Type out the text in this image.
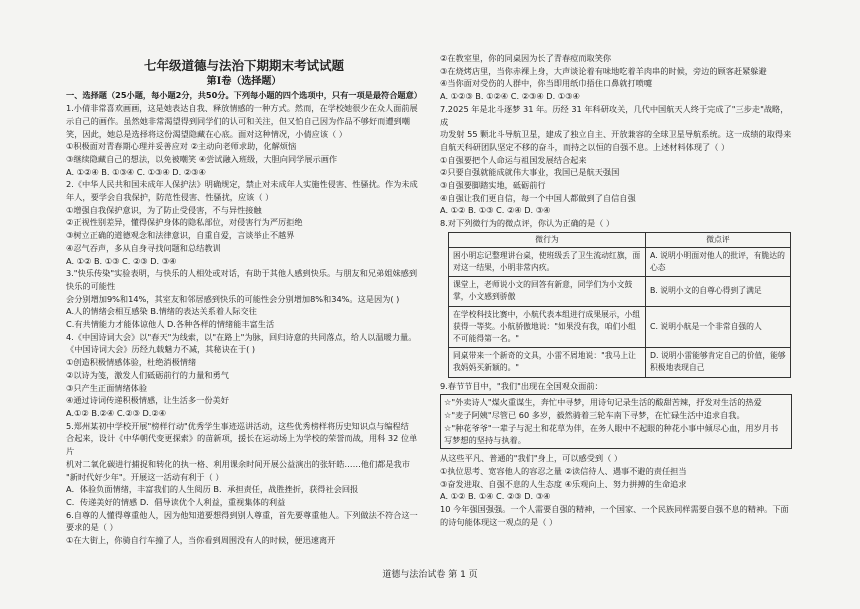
七年级道德与法治下期期末考试试题
第Ⅰ卷（选择题）
一、选择题（25小题，每小题2分，共50分。下列每小题的四个选项中，只有一项是最符合题意）
1.小倩非常喜欢画画，这是她表达自我、释放情感的一种方式。然而，在学校她很少在众人面前展
示自己的画作。虽然她非常渴望得到同学们的认可和关注，但又怕自己因为作品不够好而遭到嘲
笑，因此，她总是选择将这份渴望隐藏在心底。面对这种情况，小倩应该（ ）
①积极面对青春期心理并妥善应对 ②主动向老师求助，化解烦恼
③继续隐藏自己的想法，以免被嘲笑 ④尝试融入班级，大胆向同学展示画作
A. ①②④ B. ①③④ C. ①③④ D. ②③④
2.《中华人民共和国未成年人保护法》明确规定，禁止对未成年人实施性侵害、性骚扰。作为未成
年人，要学会自我保护，防范性侵害、性骚扰，应该（ ）
①增强自我保护意识，为了防止受侵害，不与异性接触
②正视性别差异，懂得保护身体的隐私部位，对侵害行为严厉拒绝
③树立正确的道德观念和法律意识，自重自爱，言谈举止不越界
④忍气吞声，多从自身寻找问题和总结教训
A. ①② B. ①③ C. ②③ D. ③④
3."快乐传染"实验表明，与快乐的人相处或对话，有助于其他人感到快乐。与朋友和兄弟姐妹感到快乐的可能性
会分别增加9%和14%，其室友和邻居感到快乐的可能性会分别增加8%和34%。这是因为( )
A.人的情绪会相互感染 B.情绪的表达关系着人际交往
C.有共情能力才能体谅他人 D.各种各样的情绪能丰富生活
4.《中国诗词大会》以"春天"为线索，以"在路上"为脉，回归诗意的共同落点，给人以温暖力量。
《中国诗词大会》历经九载魅力不减，其秘诀在于( )
①创造积极情感体验，杜绝消极情绪
②以诗为笺，激发人们砥砺前行的力量和勇气
③只产生正面情绪体验
④通过诗词传递积极情感，让生活多一份美好
A.①② B.②④ C.②③ D.②④
5.郑州某初中学校开展"榜样行动"优秀学生事迹巡讲活动，这些优秀榜样将历史知识点与编程结
合起来，设计《中华朝代变更探索》的苗新项，援长在运动场上为学校的荣誉而战，用科 32 位单片
机对二氧化碳进行捕捉和转化的执一格、利用课余时间开展公益演出的张轩皓……他们都是我市
"新时代好少年"。开展这一活动有利于（ ）
A．体验负面情绪，丰富我们的人生阅历 B．承担责任，战胜挫折，获得社会回报
C．传递美好的情感 D．倡导读优个人利益，重视集体的利益
6.自尊的人懂得尊重他人，因为他知道要想得到别人尊重，首先要尊重他人。下列做法不符合这一
要求的是（ ）
①在大街上，你骑自行车撞了人，当你看到周围没有人的时候，便迅速离开
②在教室里，你的同桌因为长了青春痘而取笑你
③在烧烤店里，当你赤裸上身，大声谈论着有味地吃着羊肉串的时候，旁边的顾客赶紧躲避
④当你面对受伤的人群中，你当即用纸巾捂住口鼻就打喷嚏
A. ①②③ B. ①②④ C. ②③④ D. ①③④
7.2025 年是北斗逐梦 31 年。历经 31 年科研攻关，几代中国航天人终于完成了"三步走"战略，成
功发射 55 颗北斗导航卫星，建成了独立自主、开放兼容的全球卫星导航系统。这一成绩的取得来
自航天科研团队坚定不移的奋斗，而持之以恒的自强不息。上述材料体现了（ ）
①自强要把个人命运与祖国发展结合起来
②只要自强就能成就伟大事业，我国已是航天强国
③自强要脚踏实地，砥砺前行
④自强让我们更自信，每一个中国人都做到了自信自强
A. ①② B. ①③ C. ②④ D. ③④
8.对下列微行为的微点评，你认为正确的是（ ）
微行为	微点评
困小明忘记整理讲台桌，使班级丢了卫生流动红旗，面对这一结果，小明非常内疚。	A. 说明小明面对他人的批评，有脆达的心态
课堂上，老师说小文的回答有新意，同学们为小文鼓掌，小文感到骄傲	B. 说明小文的自尊心得到了满足
在学校科技比赛中，小航代表本组进行成果展示，小组获得一等奖。小航骄傲地说："如果没有我，咱们小组不可能得第一名。"	C. 说明小航是一个非常自强的人
同桌带来一个新奇的文具，小雷不屑地说："我马上让我妈妈买新颖的。"	D. 说明小雷能够肯定自己的价值，能够积极地表现自己
9.春节节目中，"我们"出现在全国观众面前：
☆"外卖诗人"煤火重谋生，奔忙中寻梦，用诗句记录生活的酸甜苦辣，抒发对生活的热爱
☆"麦子阿姨"尽管已 60 多岁，毅然骑着三轮车南下寻梦，在忙碌生活中追求自我。
☆"种花爷爷"一辈子与泥土和花草为伴，在务人眼中不起眼的种花小事中倾尽心血，用岁月书
写梦想的坚持与执着。
从这些平凡、普通的"我们"身上，可以感受到（ ）
①执位思考、宽容他人的容忍之量 ②读信待人、遇事不避的责任担当
③奋发进取、自强不息的人生态度 ④乐观向上、努力拼搏的生命追求
A. ①② B. ①④ C. ②③ D. ③④
10 今年强国强强。一个人需要自强的精神，一个国家、一个民族同样需要自强不息的精神。下面
的诗句能体现这一观点的是（ ）
道德与法治试卷 第 1 页
